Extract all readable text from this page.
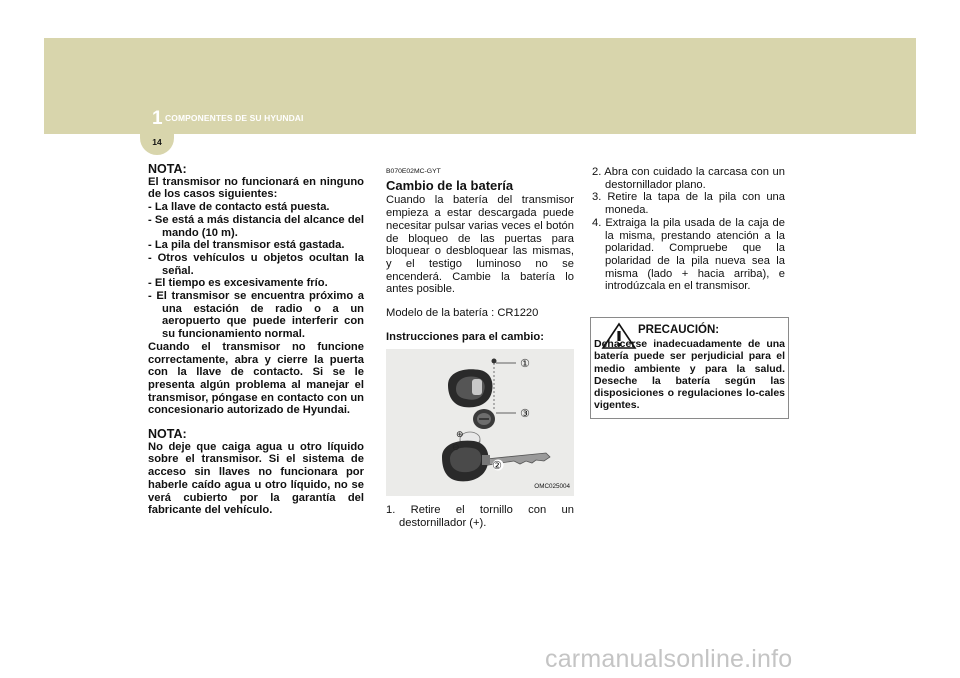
1 COMPONENTES DE SU HYUNDAI
14
NOTA:
El transmisor no funcionará en ninguno de los casos siguientes:
- La llave de contacto está puesta.
- Se está a más distancia del alcance del mando (10 m).
- La pila del transmisor está gastada.
- Otros vehículos u objetos ocultan la señal.
- El tiempo es excesivamente frío.
- El transmisor se encuentra próximo a una estación de radio o a un aeropuerto que puede interferir con su funcionamiento normal.
Cuando el transmisor no funcione correctamente, abra y cierre la puerta con la llave de contacto. Si se le presenta algún problema al manejar el transmisor, póngase en contacto con un concesionario autorizado de Hyundai.
NOTA:
No deje que caiga agua u otro líquido sobre el transmisor. Si el sistema de acceso sin llaves no funcionara por haberle caído agua u otro líquido, no se verá cubierto por la garantía del fabricante del vehículo.
B070E02MC-GYT
Cambio de la batería
Cuando la batería del transmisor empieza a estar descargada puede necesitar pulsar varias veces el botón de bloqueo de las puertas para bloquear o desbloquear las mismas, y el testigo luminoso no se encenderá. Cambie la batería lo antes posible.
Modelo de la batería : CR1220
Instrucciones para el cambio:
⊕
⊖
①
③
②
OMC025004
1. Retire el tornillo con un destornillador (+).
2. Abra con cuidado la carcasa con un destornillador plano.
3. Retire la tapa de la pila con una moneda.
4. Extraiga la pila usada de la caja de la misma, prestando atención a la polaridad. Compruebe que la polaridad de la pila nueva sea la misma (lado + hacia arriba), e introdúzcala en el transmisor.
PRECAUCIÓN:
Dehacerse inadecuadamente de una batería puede ser perjudicial para el medio ambiente y para la salud. Deseche la batería según las disposiciones o regulaciones lo-cales vigentes.
carmanualsonline.info
